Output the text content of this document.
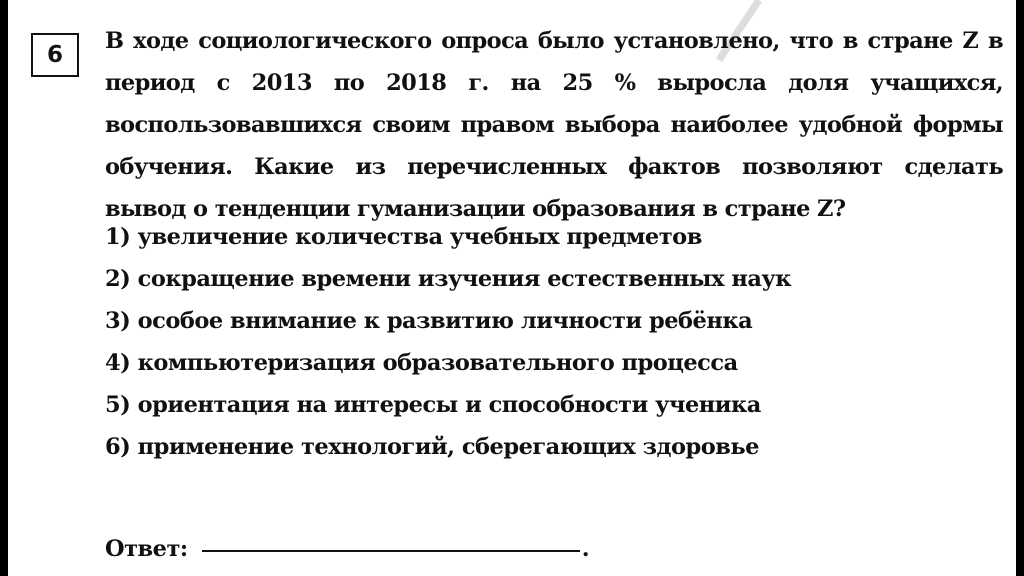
6

В ходе социологического опроса было установлено, что в стране Z в период с 2013 по 2018 г. на 25 % выросла доля учащихся, воспользовавшихся своим правом выбора наиболее удобной формы обучения. Какие из перечисленных фактов позволяют сделать вывод о тенденции гуманизации образования в стране Z?

1) увеличение количества учебных предметов
2) сокращение времени изучения естественных наук
3) особое внимание к развитию личности ребёнка
4) компьютеризация образовательного процесса
5) ориентация на интересы и способности ученика
6) применение технологий, сберегающих здоровье
Ответ:	.
